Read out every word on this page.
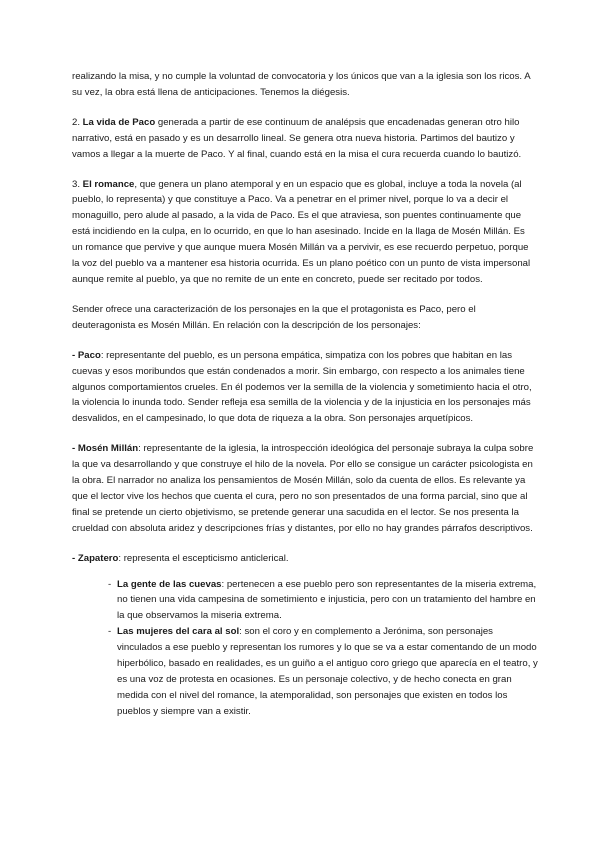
realizando la misa, y no cumple la voluntad de convocatoria y los únicos que van a la iglesia son los ricos. A su vez, la obra está llena de anticipaciones. Tenemos la diégesis.

2. La vida de Paco generada a partir de ese continuum de analépsis que encadenadas generan otro hilo narrativo, está en pasado y es un desarrollo lineal. Se genera otra nueva historia. Partimos del bautizo y vamos a llegar a la muerte de Paco. Y al final, cuando está en la misa el cura recuerda cuando lo bautizó.

3. El romance, que genera un plano atemporal y en un espacio que es global, incluye a toda la novela (al pueblo, lo representa) y que constituye a Paco. Va a penetrar en el primer nivel, porque lo va a decir el monaguillo, pero alude al pasado, a la vida de Paco. Es el que atraviesa, son puentes continuamente que está incidiendo en la culpa, en lo ocurrido, en que lo han asesinado. Incide en la llaga de Mosén Millán. Es un romance que pervive y que aunque muera Mosén Millán va a pervivir, es ese recuerdo perpetuo, porque la voz del pueblo va a mantener esa historia ocurrida. Es un plano poético con un punto de vista impersonal aunque remite al pueblo, ya que no remite de un ente en concreto, puede ser recitado por todos.

Sender ofrece una caracterización de los personajes en la que el protagonista es Paco, pero el deuteragonista es Mosén Millán. En relación con la descripción de los personajes:

- Paco: representante del pueblo, es un persona empática, simpatiza con los pobres que habitan en las cuevas y esos moribundos que están condenados a morir. Sin embargo, con respecto a los animales tiene algunos comportamientos crueles. En él podemos ver la semilla de la violencia y sometimiento hacia el otro, la violencia lo inunda todo. Sender refleja esa semilla de la violencia y de la injusticia en los personajes más desvalidos, en el campesinado, lo que dota de riqueza a la obra. Son personajes arquetípicos.

- Mosén Millán: representante de la iglesia, la introspección ideológica del personaje subraya la culpa sobre la que va desarrollando y que construye el hilo de la novela. Por ello se consigue un carácter psicologista en la obra. El narrador no analiza los pensamientos de Mosén Millán, solo da cuenta de ellos. Es relevante ya que el lector vive los hechos que cuenta el cura, pero no son presentados de una forma parcial, sino que al final se pretende un cierto objetivismo, se pretende generar una sacudida en el lector. Se nos presenta la crueldad con absoluta aridez y descripciones frías y distantes, por ello no hay grandes párrafos descriptivos.

- Zapatero: representa el escepticismo anticlerical.

- La gente de las cuevas: pertenecen a ese pueblo pero son representantes de la miseria extrema, no tienen una vida campesina de sometimiento e injusticia, pero con un tratamiento del hambre en la que observamos la miseria extrema.
- Las mujeres del cara al sol: son el coro y en complemento a Jerónima, son personajes vinculados a ese pueblo y representan los rumores y lo que se va a estar comentando de un modo hiperbólico, basado en realidades, es un guiño a el antiguo coro griego que aparecía en el teatro, y es una voz de protesta en ocasiones. Es un personaje colectivo, y de hecho conecta en gran medida con el nivel del romance, la atemporalidad, son personajes que existen en todos los pueblos y siempre van a existir.
